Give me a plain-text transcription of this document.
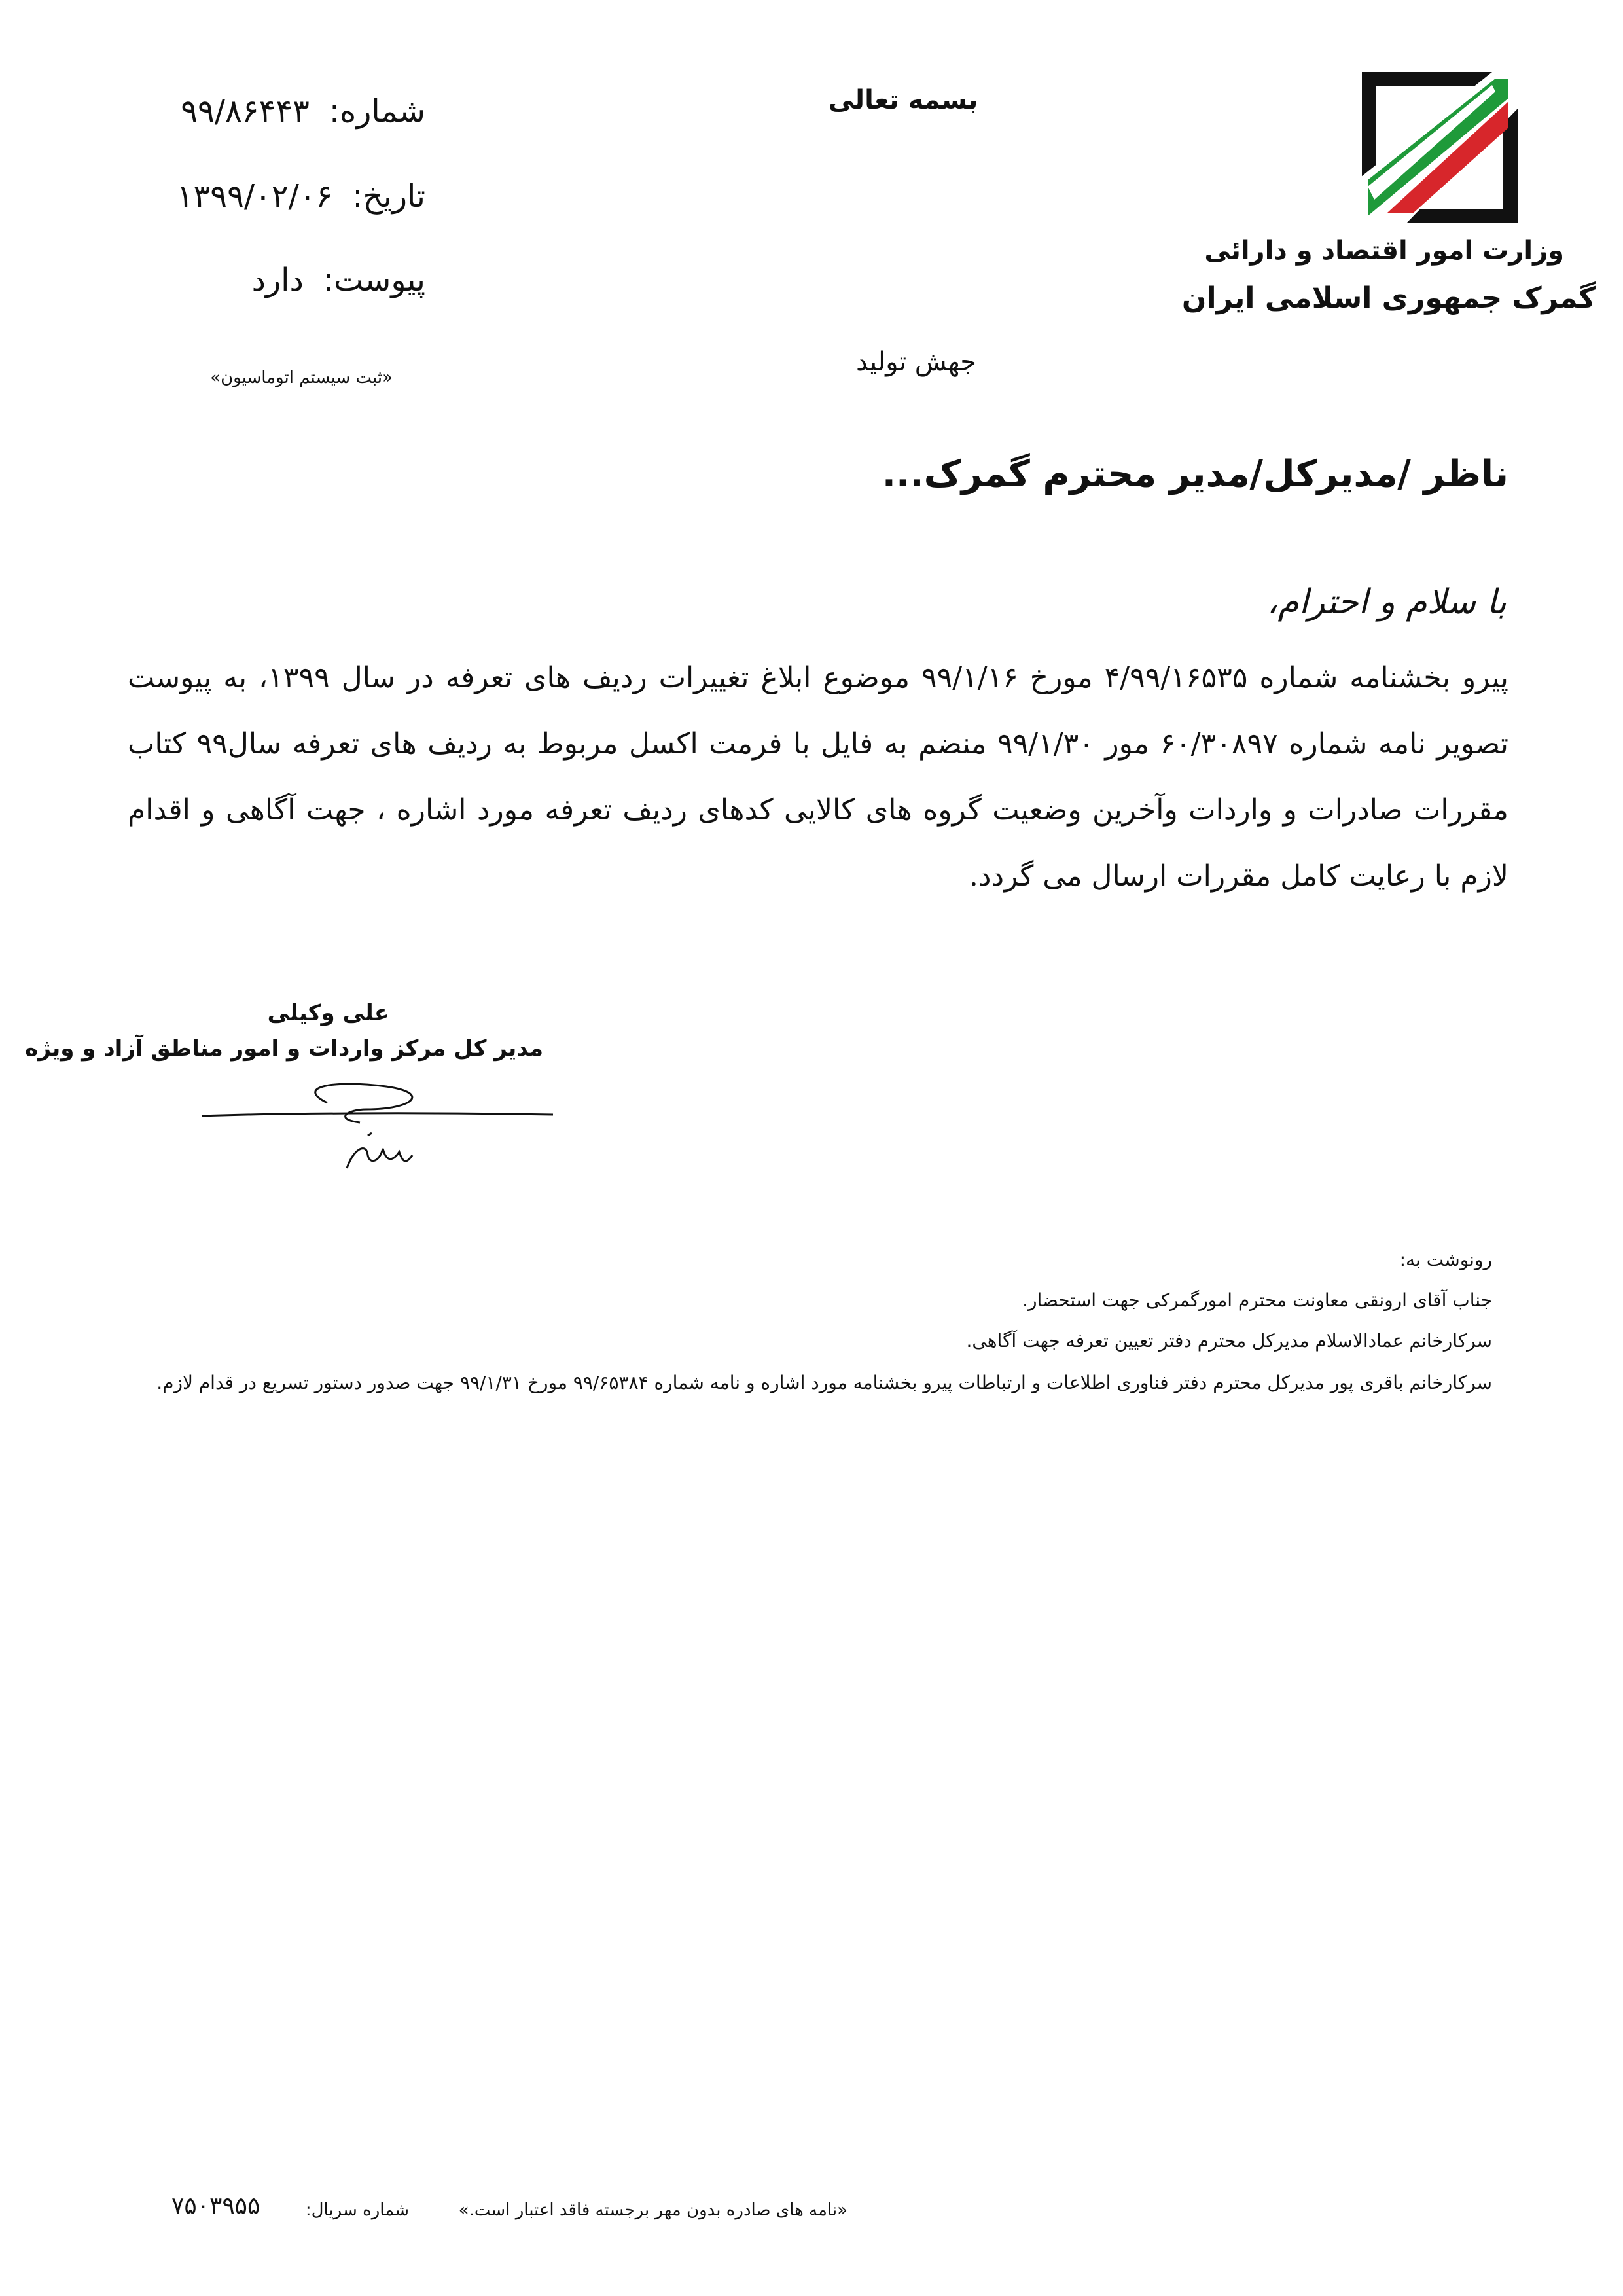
وزارت امور اقتصاد و دارائی
گمرک جمهوری اسلامی ایران
بسمه تعالی
جهش تولید
شماره:۹۹/۸۶۴۴۳
تاریخ:۱۳۹۹/۰۲/۰۶
پیوست:دارد
«ثبت سیستم اتوماسیون»
ناظر /مدیرکل/مدیر محترم گمرک...
با سلام و احترام،
پیرو بخشنامه شماره ۴/۹۹/۱۶۵۳۵ مورخ ۹۹/۱/۱۶ موضوع ابلاغ تغییرات ردیف های تعرفه در سال ۱۳۹۹، به پیوست تصویر نامه شماره ۶۰/۳۰۸۹۷ مور ۹۹/۱/۳۰ منضم به فایل با فرمت اکسل مربوط به ردیف های تعرفه سال۹۹ کتاب مقررات صادرات و واردات وآخرین وضعیت گروه های کالایی کدهای ردیف تعرفه مورد اشاره ، جهت آگاهی و اقدام لازم با رعایت کامل مقررات ارسال می گردد.
علی وکیلی
مدیر کل مرکز واردات و امور مناطق آزاد و ویژه
رونوشت به:
جناب آقای ارونقی معاونت محترم امورگمرکی جهت استحضار.
سرکارخانم عمادالاسلام مدیرکل محترم دفتر تعیین تعرفه جهت آگاهی.
سرکارخانم باقری پور مدیرکل محترم دفتر فناوری اطلاعات و ارتباطات پیرو بخشنامه مورد اشاره و نامه شماره ۹۹/۶۵۳۸۴ مورخ ۹۹/۱/۳۱ جهت صدور دستور تسریع در قدام لازم.
«نامه های صادره بدون مهر برجسته فاقد اعتبار است.»
شماره سریال:
۷۵۰۳۹۵۵
